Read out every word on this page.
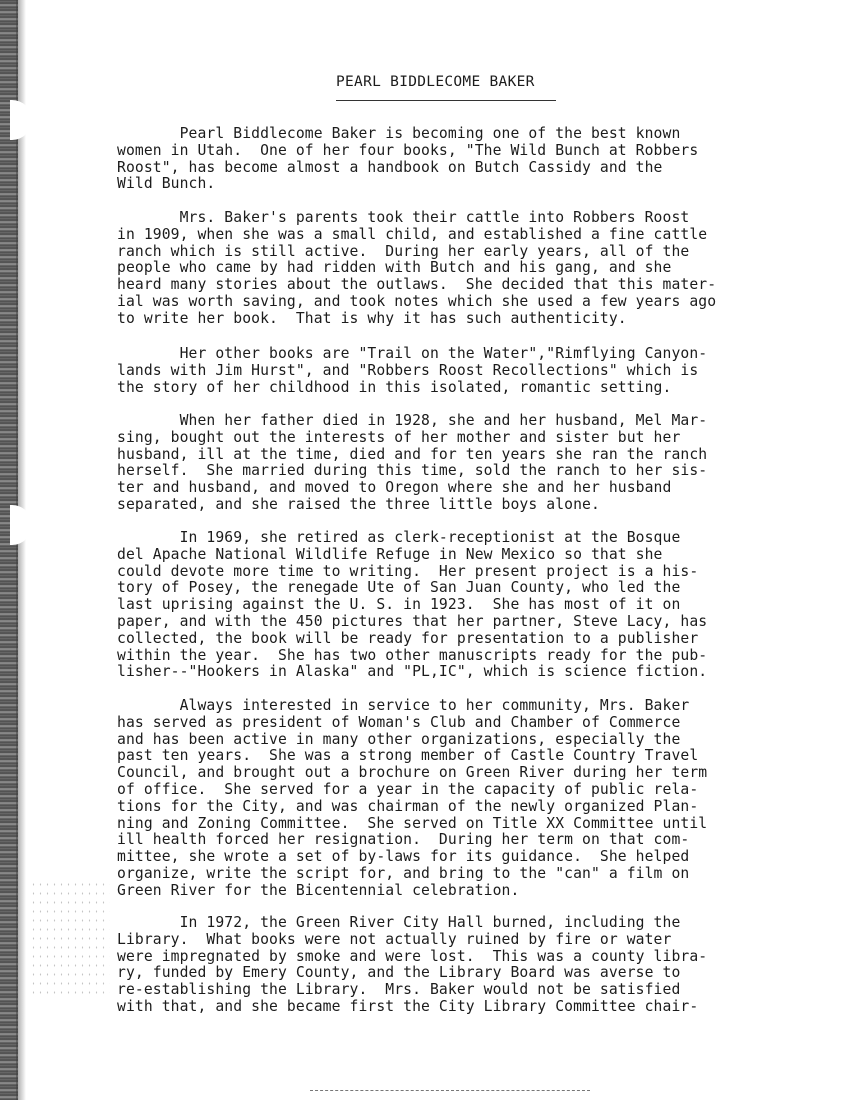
PEARL BIDDLECOME BAKER
Pearl Biddlecome Baker is becoming one of the best known
women in Utah.  One of her four books, "The Wild Bunch at Robbers
Roost", has become almost a handbook on Butch Cassidy and the
Wild Bunch.
Mrs. Baker's parents took their cattle into Robbers Roost
in 1909, when she was a small child, and established a fine cattle
ranch which is still active.  During her early years, all of the
people who came by had ridden with Butch and his gang, and she
heard many stories about the outlaws.  She decided that this mater-
ial was worth saving, and took notes which she used a few years ago
to write her book.  That is why it has such authenticity.
Her other books are "Trail on the Water","Rimflying Canyon-
lands with Jim Hurst", and "Robbers Roost Recollections" which is
the story of her childhood in this isolated, romantic setting.
When her father died in 1928, she and her husband, Mel Mar-
sing, bought out the interests of her mother and sister but her
husband, ill at the time, died and for ten years she ran the ranch
herself.  She married during this time, sold the ranch to her sis-
ter and husband, and moved to Oregon where she and her husband
separated, and she raised the three little boys alone.
In 1969, she retired as clerk-receptionist at the Bosque
del Apache National Wildlife Refuge in New Mexico so that she
could devote more time to writing.  Her present project is a his-
tory of Posey, the renegade Ute of San Juan County, who led the
last uprising against the U. S. in 1923.  She has most of it on
paper, and with the 450 pictures that her partner, Steve Lacy, has
collected, the book will be ready for presentation to a publisher
within the year.  She has two other manuscripts ready for the pub-
lisher--"Hookers in Alaska" and "PL,IC", which is science fiction.
Always interested in service to her community, Mrs. Baker
has served as president of Woman's Club and Chamber of Commerce
and has been active in many other organizations, especially the
past ten years.  She was a strong member of Castle Country Travel
Council, and brought out a brochure on Green River during her term
of office.  She served for a year in the capacity of public rela-
tions for the City, and was chairman of the newly organized Plan-
ning and Zoning Committee.  She served on Title XX Committee until
ill health forced her resignation.  During her term on that com-
mittee, she wrote a set of by-laws for its guidance.  She helped
organize, write the script for, and bring to the "can" a film on
Green River for the Bicentennial celebration.
In 1972, the Green River City Hall burned, including the
Library.  What books were not actually ruined by fire or water
were impregnated by smoke and were lost.  This was a county libra-
ry, funded by Emery County, and the Library Board was averse to
re-establishing the Library.  Mrs. Baker would not be satisfied
with that, and she became first the City Library Committee chair-
